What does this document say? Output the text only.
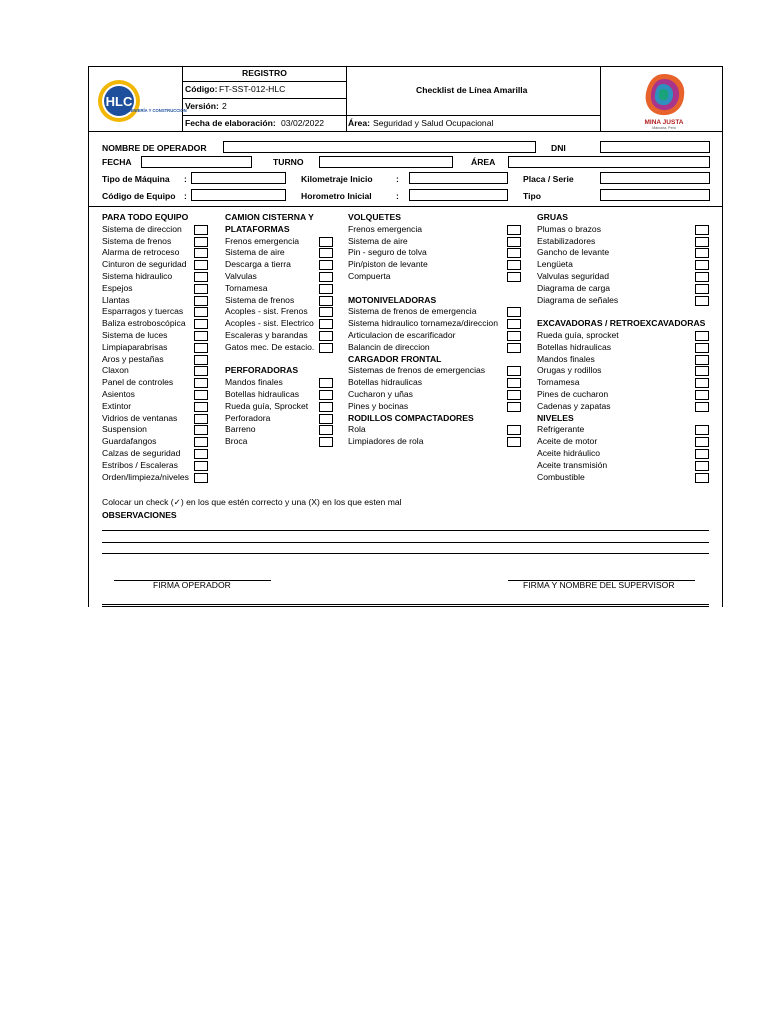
HLC
INGENIERÍA Y CONSTRUCCIÓN
REGISTRO
Código: FT-SST-012-HLC
Versión: 2
Fecha de elaboración: 03/02/2022	Área: Seguridad y Salud Ocupacional
Checklist de Línea Amarilla
MINA JUSTA
Marcona, Perú
NOMBRE DE OPERADOR	DNI
FECHA	TURNO	ÁREA
Tipo de Máquina :	Kilometraje Inicio	:	Placa / Serie
Código de Equipo :	Horometro Inicial	:	Tipo
PARA TODO EQUIPO
Sistema de direccion
Sistema de frenos
Alarma de retroceso
Cinturon de seguridad
Sistema hidraulico
Espejos
Llantas
Esparragos y tuercas
Baliza estroboscópica
Sistema de luces
Limpiaparabrisas
Aros y pestañas
Claxon
Panel de controles
Asientos
Extintor
Vidrios de ventanas
Suspension
Guardafangos
Calzas de seguridad
Estribos / Escaleras
Orden/limpieza/niveles
CAMION CISTERNA Y
PLATAFORMAS
Frenos emergencia
Sistema de aire
Descarga a tierra
Valvulas
Tornamesa
Sistema de frenos
Acoples - sist. Frenos
Acoples - sist. Electrico
Escaleras y barandas
Gatos mec. De estacio.
PERFORADORAS
Mandos finales
Botellas hidraulicas
Rueda guía, Sprocket
Perforadora
Barreno
Broca
VOLQUETES
Frenos emergencia
Sistema de aire
Pin - seguro de tolva
Pin/piston de levante
Compuerta
MOTONIVELADORAS
Sistema de frenos de emergencia
Sistema hidraulico tornameza/direccion
Articulacion de escarificador
Balancin de direccion
CARGADOR FRONTAL
Sistemas de frenos de emergencias
Botellas hidraulicas
Cucharon y uñas
Pines y bocinas
RODILLOS COMPACTADORES
Rola
Limpiadores de rola
GRUAS
Plumas o brazos
Estabilizadores
Gancho de levante
Lengüeta
Valvulas seguridad
Diagrama de carga
Diagrama de señales
EXCAVADORAS / RETROEXCAVADORAS
Rueda guía, sprocket
Botellas hidraulicas
Mandos finales
Orugas y rodillos
Tornamesa
Pines de cucharon
Cadenas y zapatas
NIVELES
Refrigerante
Aceite de motor
Aceite hidráulico
Aceite transmisión
Combustible
Colocar un check (✓) en los que estén correcto y una (X) en los que esten mal
OBSERVACIONES
FIRMA OPERADOR	FIRMA Y NOMBRE DEL SUPERVISOR
